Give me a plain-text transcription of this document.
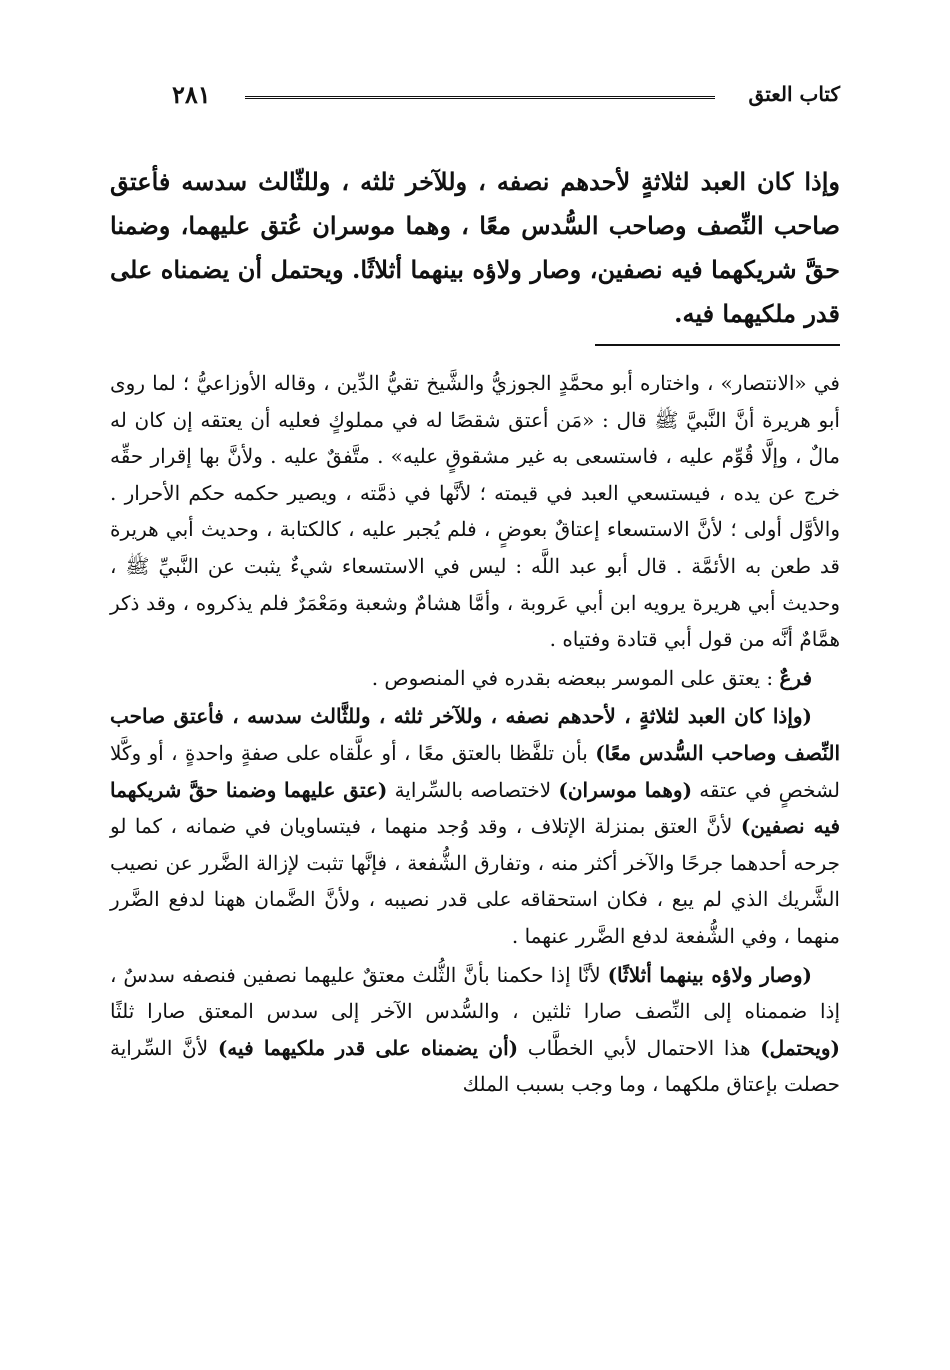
٢٨١	كتاب العتق
وإذا كان العبد لثلاثةٍ لأحدهم نصفه ، وللآخر ثلثه ، وللثّالث سدسه فأعتق صاحب النِّصف وصاحب السُّدس معًا ، وهما موسران عُتق عليهما، وضمنا حقَّ شريكهما فيه نصفين، وصار ولاؤه بينهما أثلاثًا. ويحتمل أن يضمناه على قدر ملكيهما فيه.

في «الانتصار» ، واختاره أبو محمَّدٍ الجوزيُّ والشَّيخ تقيُّ الدِّين ، وقاله الأوزاعيُّ ؛ لما روى أبو هريرة أنَّ النَّبيَّ ﷺ قال : «مَن أعتق شقصًا له في مملوكٍ فعليه أن يعتقه إن كان له مالٌ ، وإلَّا قُوِّم عليه ، فاستسعى به غير مشقوقٍ عليه» . متَّفقٌ عليه . ولأنَّ بها إقرار حقِّه خرج عن يده ، فيستسعي العبد في قيمته ؛ لأنَّها في ذمَّته ، ويصير حكمه حكم الأحرار . والأوَّل أولى ؛ لأنَّ الاستسعاء إعتاقٌ بعوضٍ ، فلم يُجبر عليه ، كالكتابة ، وحديث أبي هريرة قد طعن به الأئمَّة . قال أبو عبد اللَّه : ليس في الاستسعاء شيءٌ يثبت عن النَّبيِّ ﷺ ، وحديث أبي هريرة يرويه ابن أبي عَروبة ، وأمَّا هشامٌ وشعبة ومَعْمَرٌ فلم يذكروه ، وقد ذكر همَّامٌ أنَّه من قول أبي قتادة وفتياه .

فرعٌ : يعتق على الموسر ببعضه بقدره في المنصوص .

(وإذا كان العبد لثلاثةٍ ، لأحدهم نصفه ، وللآخر ثلثه ، وللثَّالث سدسه ، فأعتق صاحب النِّصف وصاحب السُّدس معًا) بأن تلفَّظا بالعتق معًا ، أو علَّقاه على صفةٍ واحدةٍ ، أو وكَّلا لشخصٍ في عتقه (وهما موسران) لاختصاصه بالسِّراية (عتق عليهما وضمنا حقَّ شريكهما فيه نصفين) لأنَّ العتق بمنزلة الإتلاف ، وقد وُجد منهما ، فيتساويان في ضمانه ، كما لو جرحه أحدهما جرحًا والآخر أكثر منه ، وتفارق الشُّفعة ، فإنَّها تثبت لإزالة الضَّرر عن نصيب الشَّريك الذي لم يبع ، فكان استحقاقه على قدر نصيبه ، ولأنَّ الضَّمان ههنا لدفع الضَّرر منهما ، وفي الشُّفعة لدفع الضَّرر عنهما .

(وصار ولاؤه بينهما أثلاثًا) لأنَّا إذا حكمنا بأنَّ الثُّلث معتقٌ عليهما نصفين فنصفه سدسٌ ، إذا ضممناه إلى النِّصف صارا ثلثين ، والسُّدس الآخر إلى سدس المعتق صارا ثلثًا (ويحتمل) هذا الاحتمال لأبي الخطَّاب (أن يضمناه على قدر ملكيهما فيه) لأنَّ السِّراية حصلت بإعتاق ملكهما ، وما وجب بسبب الملك
